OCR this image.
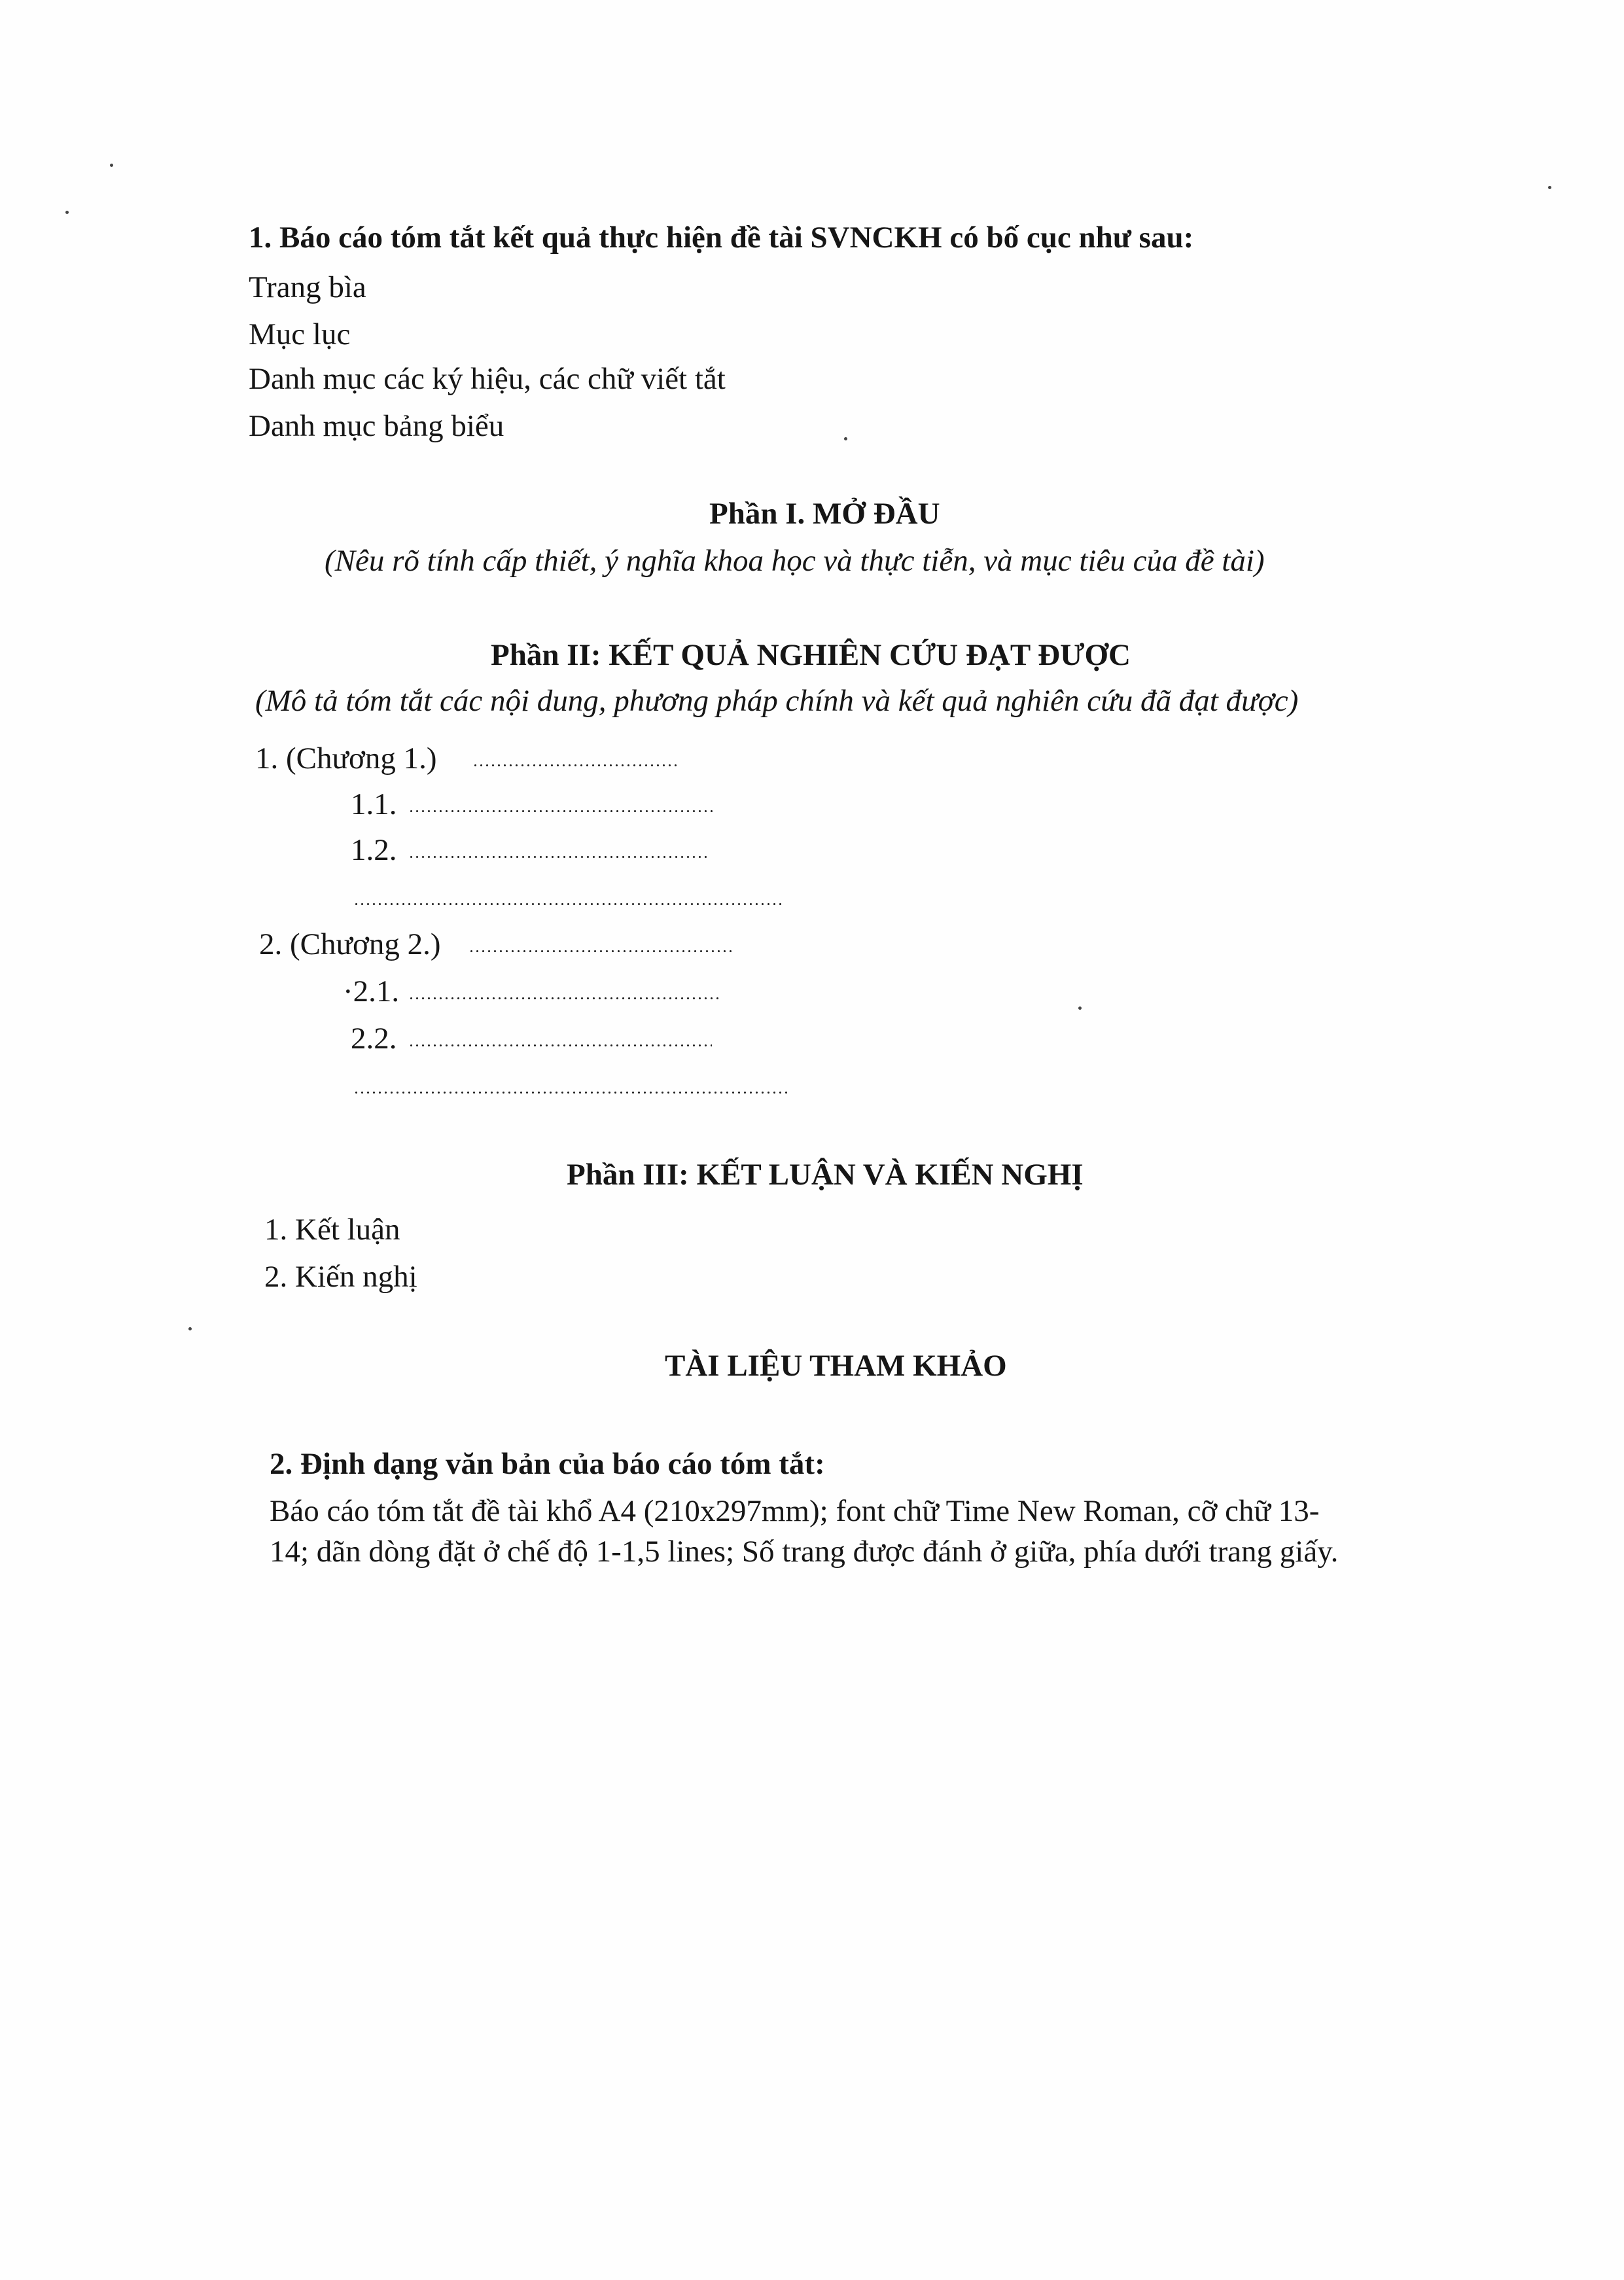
1. Báo cáo tóm tắt kết quả thực hiện đề tài SVNCKH có bố cục như sau:
Trang bìa
Mục lục
Danh mục các ký hiệu, các chữ viết tắt
Danh mục bảng biểu
Phần I. MỞ ĐẦU
(Nêu rõ tính cấp thiết, ý nghĩa khoa học và thực tiễn, và mục tiêu của đề tài)
Phần II: KẾT QUẢ NGHIÊN CỨU ĐẠT ĐƯỢC
(Mô tả tóm tắt các nội dung, phương pháp chính và kết quả nghiên cứu đã đạt được)
1. (Chương 1.)
1.1.
1.2.
2. (Chương 2.)
·2.1.
2.2.
Phần III: KẾT LUẬN VÀ KIẾN NGHỊ
1. Kết luận
2. Kiến nghị
TÀI LIỆU THAM KHẢO
2. Định dạng văn bản của báo cáo tóm tắt:
Báo cáo tóm tắt đề tài khổ A4 (210x297mm); font chữ Time New Roman, cỡ chữ 13-
14; dãn dòng đặt ở chế độ 1-1,5 lines; Số trang được đánh ở giữa, phía dưới trang giấy.
